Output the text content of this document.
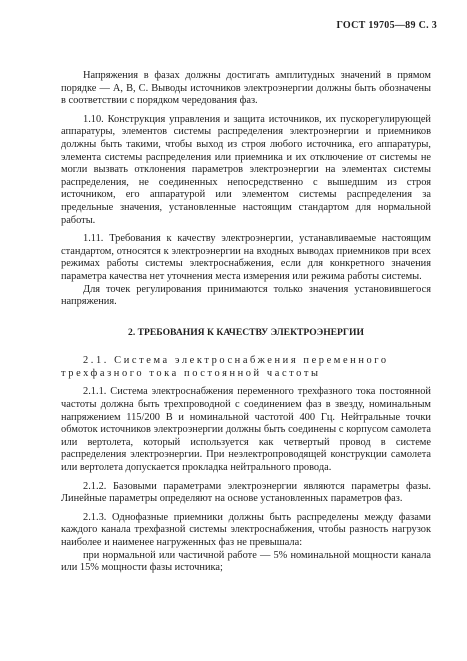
ГОСТ 19705—89 С. 3

Напряжения в фазах должны достигать амплитудных значений в прямом порядке — А, В, С. Выводы источников электроэнергии должны быть обозначены в соответствии с порядком чередования фаз.

1.10. Конструкция управления и защита источников, их пускорегулирующей аппаратуры, элементов системы распределения электроэнергии и приемников должны быть такими, чтобы выход из строя любого источника, его аппаратуры, элемента системы распределения или приемника и их отключение от системы не могли вызвать отклонения параметров электроэнергии на элементах системы распределения, не соединенных непосредственно с вышедшим из строя источником, его аппаратурой или элементом системы распределения за предельные значения, установленные настоящим стандартом для нормальной работы.

1.11. Требования к качеству электроэнергии, устанавливаемые настоящим стандартом, относятся к электроэнергии на входных выводах приемников при всех режимах работы системы электроснабжения, если для конкретного значения параметра качества нет уточнения места измерения или режима работы системы.

Для точек регулирования принимаются только значения установившегося напряжения.

2. ТРЕБОВАНИЯ К КАЧЕСТВУ ЭЛЕКТРОЭНЕРГИИ

2.1. Система электроснабжения переменного трехфазного тока постоянной частоты

2.1.1. Система электроснабжения переменного трехфазного тока постоянной частоты должна быть трехпроводной с соединением фаз в звезду, номинальным напряжением 115/200 В и номинальной частотой 400 Гц. Нейтральные точки обмоток источников электроэнергии должны быть соединены с корпусом самолета или вертолета, который используется как четвертый провод в системе распределения электроэнергии. При неэлектропроводящей конструкции самолета или вертолета допускается прокладка нейтрального провода.

2.1.2. Базовыми параметрами электроэнергии являются параметры фазы. Линейные параметры определяют на основе установленных параметров фаз.

2.1.3. Однофазные приемники должны быть распределены между фазами каждого канала трехфазной системы электроснабжения, чтобы разность нагрузок наиболее и наименее нагруженных фаз не превышала:

при нормальной или частичной работе — 5% номинальной мощности канала или 15% мощности фазы источника;
